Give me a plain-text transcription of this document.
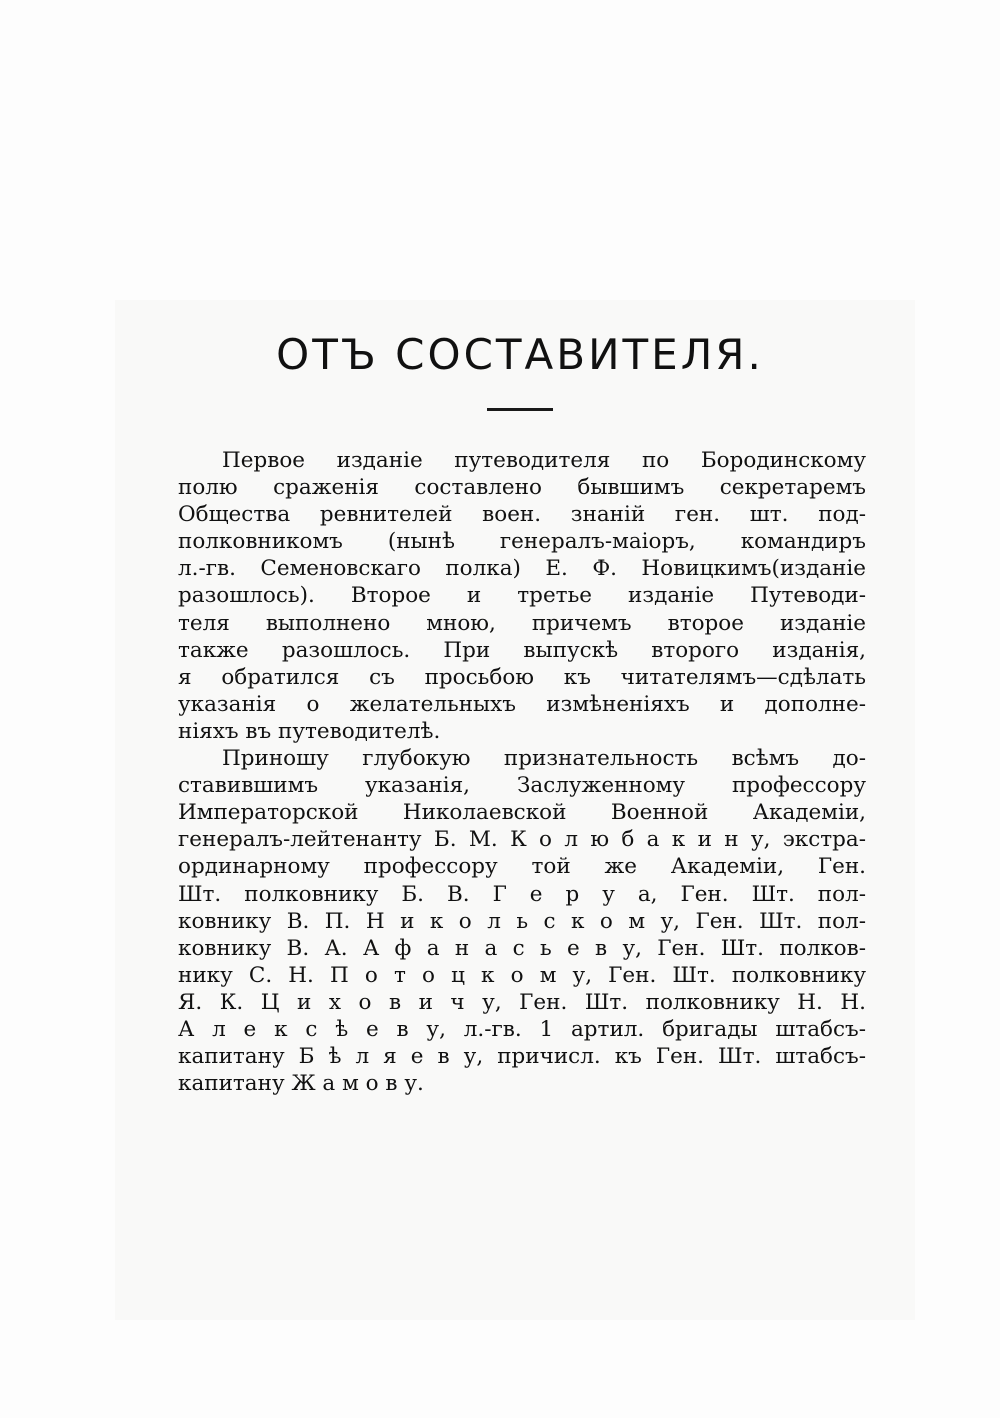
ОТЪ СОСТАВИТЕЛЯ.
Первое изданіе путеводителя по Бородинскому
полю сраженія составлено бывшимъ секретаремъ
Общества ревнителей воен. знаній ген. шт. под-
полковникомъ (нынѣ генералъ-маіоръ, командиръ
л.-гв. Семеновскаго полка) Е. Ф. Новицкимъ(изданіе
разошлось). Второе и третье изданіе Путеводи-
теля выполнено мною, причемъ второе изданіе
также разошлось. При выпускѣ второго изданія,
я обратился съ просьбою къ читателямъ—сдѣлать
указанія о желательныхъ измѣненіяхъ и дополне-
ніяхъ въ путеводителѣ.
Приношу глубокую признательность всѣмъ до-
ставившимъ указанія, Заслуженному профессору
Императорской Николаевской Военной Академіи,
генералъ-лейтенанту Б. М. К о л ю б а к и н у, экстра-
ординарному профессору той же Академіи, Ген.
Шт. полковнику Б. В. Г е р у а, Ген. Шт. пол-
ковнику В. П. Н и к о л ь с к о м у, Ген. Шт. пол-
ковнику В. А. А ф а н а с ь е в у, Ген. Шт. полков-
нику С. Н. П о т о ц к о м у, Ген. Шт. полковнику
Я. К. Ц и х о в и ч у, Ген. Шт. полковнику Н. Н.
А л е к с ѣ е в у, л.-гв. 1 артил. бригады штабсъ-
капитану Б ѣ л я е в у, причисл. къ Ген. Шт. штабсъ-
капитану Ж а м о в у.
